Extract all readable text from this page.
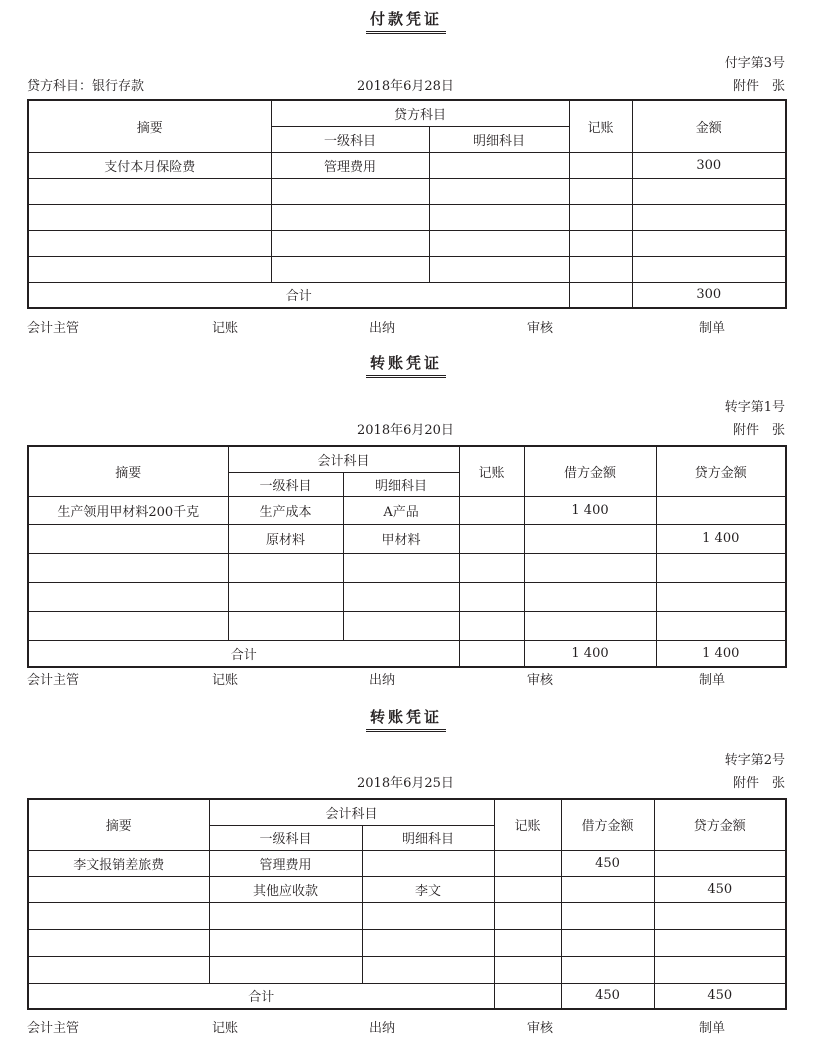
付款凭证
付字第3号
贷方科目：银行存款	2018年6月28日	附件　张
摘要	贷方科目		记账	金额
	一级科目	明细科目		
支付本月保险费	管理费用			300

合计				300
会计主管	记账	出纳	审核	制单
转账凭证
转字第1号
2018年6月20日	附件　张
摘要	会计科目		记账	借方金额	贷方金额
	一级科目	明细科目			
生产领用甲材料200千克	生产成本	A产品		1 400	
	原材料	甲材料			1 400

合计				1 400	1 400
会计主管	记账	出纳	审核	制单
转账凭证
转字第2号
2018年6月25日	附件　张
摘要	会计科目		记账	借方金额	贷方金额
	一级科目	明细科目			
李文报销差旅费	管理费用			450	
	其他应收款	李文			450

合计				450	450
会计主管	记账	出纳	审核	制单
